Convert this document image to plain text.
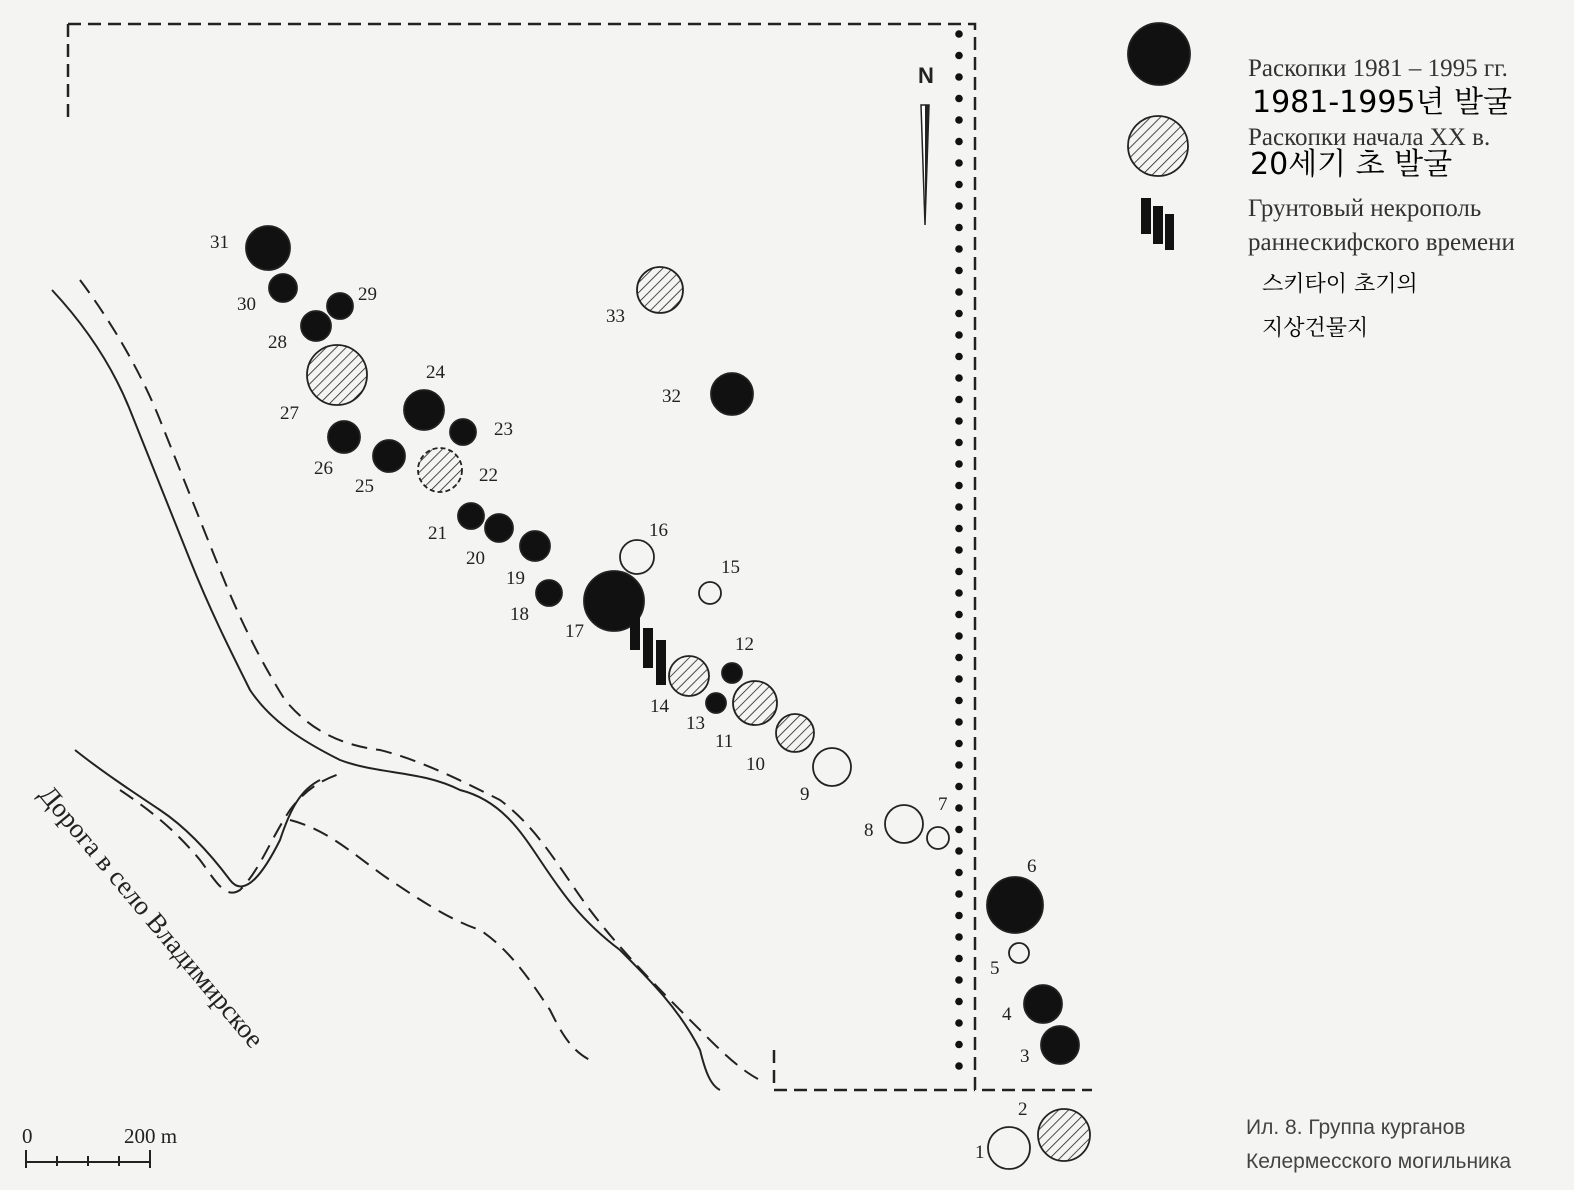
N
Дорога в село Владимирское
1
2
3
4
5
6
7
8
9
10
11
12
13
14
15
16
17
18
19
20
21
22
23
24
25
26
27
28
29
30
31
32
33
Раскопки 1981 – 1995 гг.
1981-1995년 발굴
Раскопки начала XX в.
20세기 초 발굴
Грунтовый некрополь
раннескифского времени
스키타이 초기의
지상건물지
0	200 m	Ил. 8. Группа курганов
Келермесского могильника
